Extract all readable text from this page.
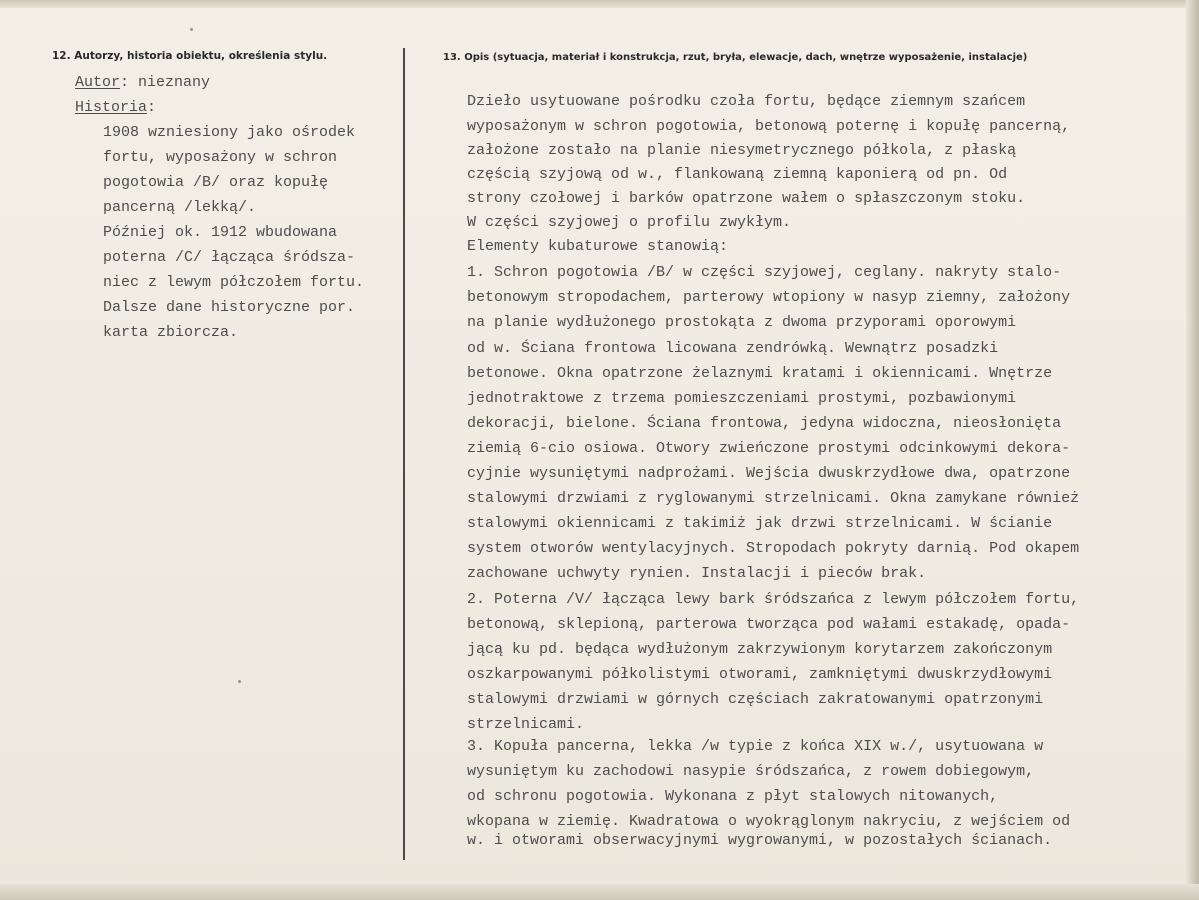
12. Autorzy, historia obiektu, określenia stylu.
Autor: nieznany
Historia:
1908 wzniesiony jako ośrodek
fortu, wyposażony w schron
pogotowia /B/ oraz kopułę
pancerną /lekką/.
Później ok. 1912 wbudowana
poterna /C/ łącząca śródsza-
niec z lewym półczołem fortu.
Dalsze dane historyczne por.
karta zbiorcza.
13. Opis (sytuacja, materiał i konstrukcja, rzut, bryła, elewacje, dach, wnętrze wyposażenie, instalacje)
Dzieło usytuowane pośrodku czoła fortu, będące ziemnym szańcem
wyposażonym w schron pogotowia, betonową poternę i kopułę pancerną,
założone zostało na planie niesymetrycznego półkola, z płaską
częścią szyjową od w., flankowaną ziemną kaponierą od pn. Od
strony czołowej i barków opatrzone wałem o spłaszczonym stoku.
W części szyjowej o profilu zwykłym.
Elementy kubaturowe stanowią:
1. Schron pogotowia /B/ w części szyjowej, ceglany. nakryty stalo-
betonowym stropodachem, parterowy wtopiony w nasyp ziemny, założony
na planie wydłużonego prostokąta z dwoma przyporami oporowymi
od w. Ściana frontowa licowana zendrówką. Wewnątrz posadzki
betonowe. Okna opatrzone żelaznymi kratami i okiennicami. Wnętrze
jednotraktowe z trzema pomieszczeniami prostymi, pozbawionymi
dekoracji, bielone. Ściana frontowa, jedyna widoczna, nieosłonięta
ziemią 6-cio osiowa. Otwory zwieńczone prostymi odcinkowymi dekora-
cyjnie wysuniętymi nadprożami. Wejścia dwuskrzydłowe dwa, opatrzone
stalowymi drzwiami z ryglowanymi strzelnicami. Okna zamykane również
stalowymi okiennicami z takimiż jak drzwi strzelnicami. W ścianie
system otworów wentylacyjnych. Stropodach pokryty darnią. Pod okapem
zachowane uchwyty rynien. Instalacji i pieców brak.
2. Poterna /V/ łącząca lewy bark śródszańca z lewym półczołem fortu,
betonową, sklepioną, parterowa tworząca pod wałami estakadę, opada-
jącą ku pd. będąca wydłużonym zakrzywionym korytarzem zakończonym
oszkarpowanymi półkolistymi otworami, zamkniętymi dwuskrzydłowymi
stalowymi drzwiami w górnych częściach zakratowanymi opatrzonymi
strzelnicami.
3. Kopuła pancerna, lekka /w typie z końca XIX w./, usytuowana w
wysuniętym ku zachodowi nasypie śródszańca, z rowem dobiegowym,
od schronu pogotowia. Wykonana z płyt stalowych nitowanych,
wkopana w ziemię. Kwadratowa o wyokrąglonym nakryciu, z wejściem od
w. i otworami obserwacyjnymi wygrowanymi, w pozostałych ścianach.
